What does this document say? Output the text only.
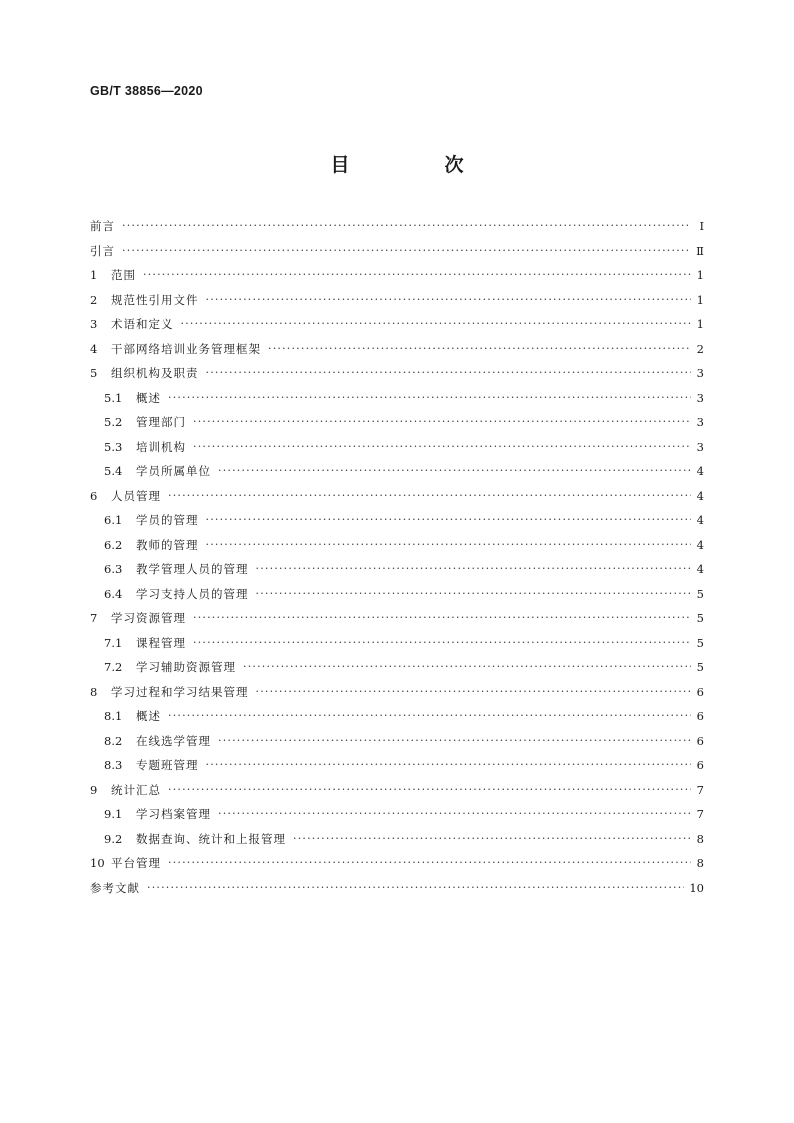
GB/T 38856—2020
目　次
前言 ·····	Ⅰ
引言 ·····	Ⅱ
1	范围 ·····	1
2	规范性引用文件 ·····	1
3	术语和定义 ·····	1
4	干部网络培训业务管理框架 ·····	2
5	组织机构及职责 ·····	3
5.1	概述 ·····	3
5.2	管理部门 ·····	3
5.3	培训机构 ·····	3
5.4	学员所属单位 ·····	4
6	人员管理 ·····	4
6.1	学员的管理 ·····	4
6.2	教师的管理 ·····	4
6.3	教学管理人员的管理 ·····	4
6.4	学习支持人员的管理 ·····	5
7	学习资源管理 ·····	5
7.1	课程管理 ·····	5
7.2	学习辅助资源管理 ·····	5
8	学习过程和学习结果管理 ·····	6
8.1	概述 ·····	6
8.2	在线选学管理 ·····	6
8.3	专题班管理 ·····	6
9	统计汇总 ·····	7
9.1	学习档案管理 ·····	7
9.2	数据查询、统计和上报管理 ·····	8
10 平台管理 ·····	8
参考文献 ·····	10
